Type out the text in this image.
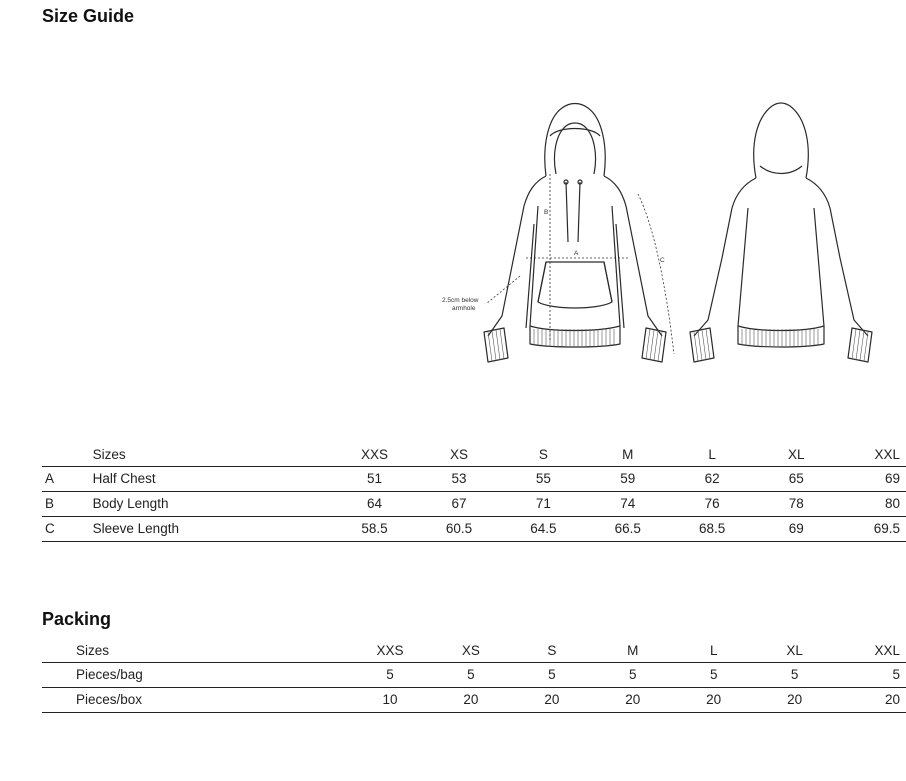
Size Guide
B
A
C
2.5cm below
armhole
	Sizes	XXS	XS	S	M	L	XL	XXL
A	Half Chest	51	53	55	59	62	65	69
B	Body Length	64	67	71	74	76	78	80
C	Sleeve Length	58.5	60.5	64.5	66.5	68.5	69	69.5
Packing
Sizes	XXS	XS	S	M	L	XL	XXL
Pieces/bag	5	5	5	5	5	5	5
Pieces/box	10	20	20	20	20	20	20
